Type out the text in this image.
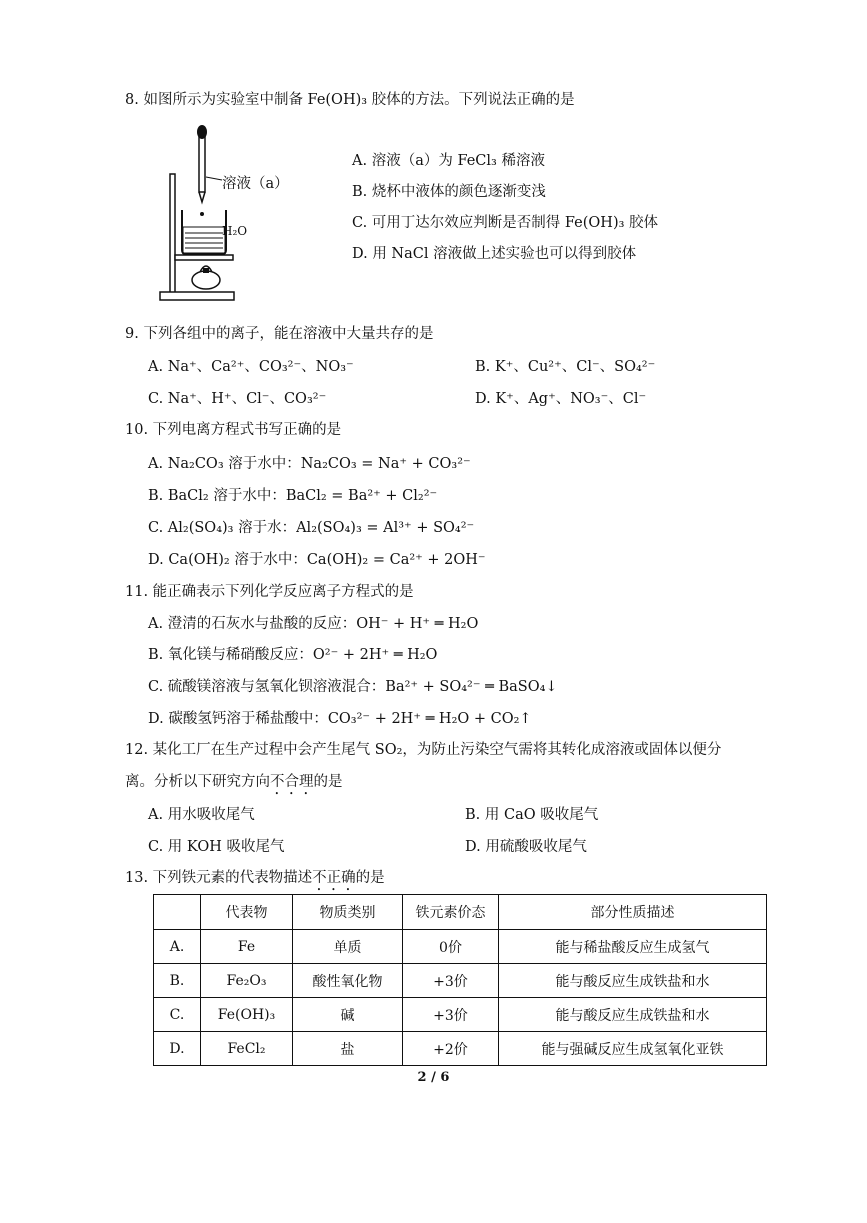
8. 如图所示为实验室中制备 Fe(OH)₃ 胶体的方法。下列说法正确的是
溶液（a）
H₂O
A. 溶液（a）为 FeCl₃ 稀溶液
B. 烧杯中液体的颜色逐渐变浅
C. 可用丁达尔效应判断是否制得 Fe(OH)₃ 胶体
D. 用 NaCl 溶液做上述实验也可以得到胶体
9. 下列各组中的离子，能在溶液中大量共存的是
A. Na⁺、Ca²⁺、CO₃²⁻、NO₃⁻	B. K⁺、Cu²⁺、Cl⁻、SO₄²⁻
C. Na⁺、H⁺、Cl⁻、CO₃²⁻	D. K⁺、Ag⁺、NO₃⁻、Cl⁻
10. 下列电离方程式书写正确的是
A. Na₂CO₃ 溶于水中：Na₂CO₃ = Na⁺ + CO₃²⁻
B. BaCl₂ 溶于水中：BaCl₂ = Ba²⁺ + Cl₂²⁻
C. Al₂(SO₄)₃ 溶于水：Al₂(SO₄)₃ = Al³⁺ + SO₄²⁻
D. Ca(OH)₂ 溶于水中：Ca(OH)₂ = Ca²⁺ + 2OH⁻
11. 能正确表示下列化学反应离子方程式的是
A. 澄清的石灰水与盐酸的反应：OH⁻ + H⁺ ═ H₂O
B. 氧化镁与稀硝酸反应：O²⁻ + 2H⁺ ═ H₂O
C. 硫酸镁溶液与氢氧化钡溶液混合：Ba²⁺ + SO₄²⁻ ═ BaSO₄↓
D. 碳酸氢钙溶于稀盐酸中：CO₃²⁻ + 2H⁺ ═ H₂O + CO₂↑
12. 某化工厂在生产过程中会产生尾气 SO₂，为防止污染空气需将其转化成溶液或固体以便分
离。分析以下研究方向不合理的是
A. 用水吸收尾气	B. 用 CaO 吸收尾气
C. 用 KOH 吸收尾气	D. 用硫酸吸收尾气
13. 下列铁元素的代表物描述不正确的是
	代表物	物质类别	铁元素价态	部分性质描述
A.	Fe	单质	0价	能与稀盐酸反应生成氢气
B.	Fe₂O₃	酸性氧化物	+3价	能与酸反应生成铁盐和水
C.	Fe(OH)₃	碱	+3价	能与酸反应生成铁盐和水
D.	FeCl₂	盐	+2价	能与强碱反应生成氢氧化亚铁
2 / 6
